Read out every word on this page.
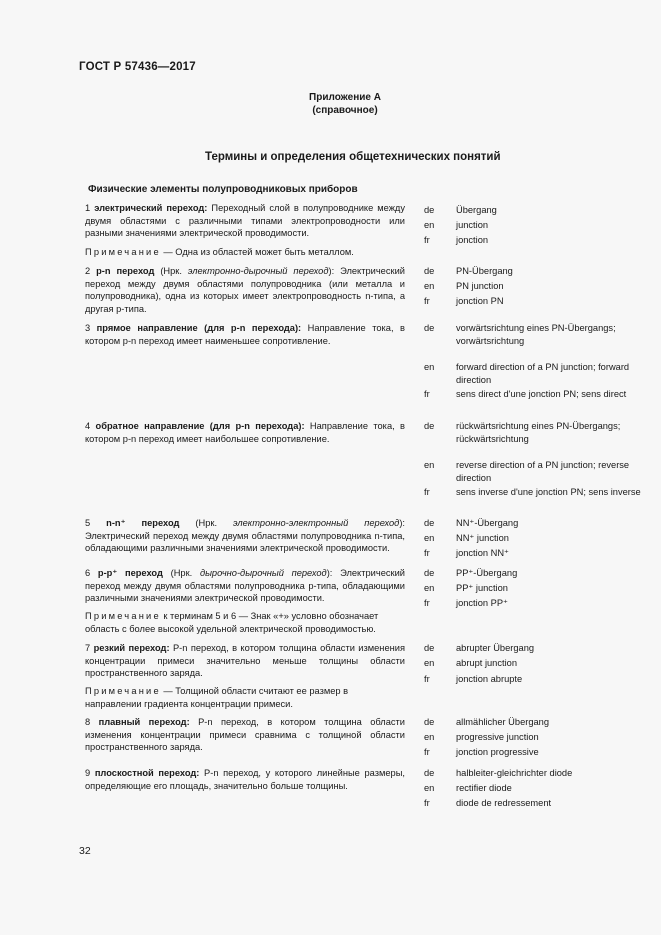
ГОСТ Р 57436—2017
Приложение А
(справочное)
Термины и определения общетехнических понятий
Физические элементы полупроводниковых приборов
1 электрический переход: Переходный слой в полупроводнике между двумя областями с различными типами электропроводности или разными значениями электрической проводимости.
Примечание — Одна из областей может быть металлом.
de	Übergang
en	junction
fr	jonction
2 p-n переход (Нрк. электронно-дырочный переход): Электрический переход между двумя областями полупроводника (или металла и полупроводника), одна из которых имеет электропроводность n-типа, а другая p-типа.
de	PN-Übergang
en	PN junction
fr	jonction PN
3 прямое направление (для p-n перехода): Направление тока, в котором p-n переход имеет наименьшее сопротивление.
de	vorwärtsrichtung eines PN-Übergangs; vorwärtsrichtung
en	forward direction of a PN junction; forward direction
fr	sens direct d'une jonction PN; sens direct
4 обратное направление (для p-n перехода): Направление тока, в котором p-n переход имеет наибольшее сопротивление.
de	rückwärtsrichtung eines PN-Übergangs; rückwärtsrichtung
en	reverse direction of a PN junction; reverse direction
fr	sens inverse d'une jonction PN; sens inverse
5 n-n⁺ переход (Нрк. электронно-электронный переход): Электрический переход между двумя областями полупроводника n-типа, обладающими различными значениями электрической проводимости.
de	NN⁺-Übergang
en	NN⁺ junction
fr	jonction NN⁺
6 p-p⁺ переход (Нрк. дырочно-дырочный переход): Электрический переход между двумя областями полупроводника p-типа, обладающими различными значениями электрической проводимости.
Примечание к терминам 5 и 6 — Знак «+» условно обозначает область с более высокой удельной электрической проводимостью.
de	PP⁺-Übergang
en	PP⁺ junction
fr	jonction PP⁺
7 резкий переход: P-n переход, в котором толщина области изменения концентрации примеси значительно меньше толщины области пространственного заряда.
Примечание — Толщиной области считают ее размер в направлении градиента концентрации примеси.
de	abrupter Übergang
en	abrupt junction
fr	jonction abrupte
8 плавный переход: P-n переход, в котором толщина области изменения концентрации примеси сравнима с толщиной области пространственного заряда.
de	allmählicher Übergang
en	progressive junction
fr	jonction progressive
9 плоскостной переход: P-n переход, у которого линейные размеры, определяющие его площадь, значительно больше толщины.
de	halbleiter-gleichrichter diode
en	rectifier diode
fr	diode de redressement
32
